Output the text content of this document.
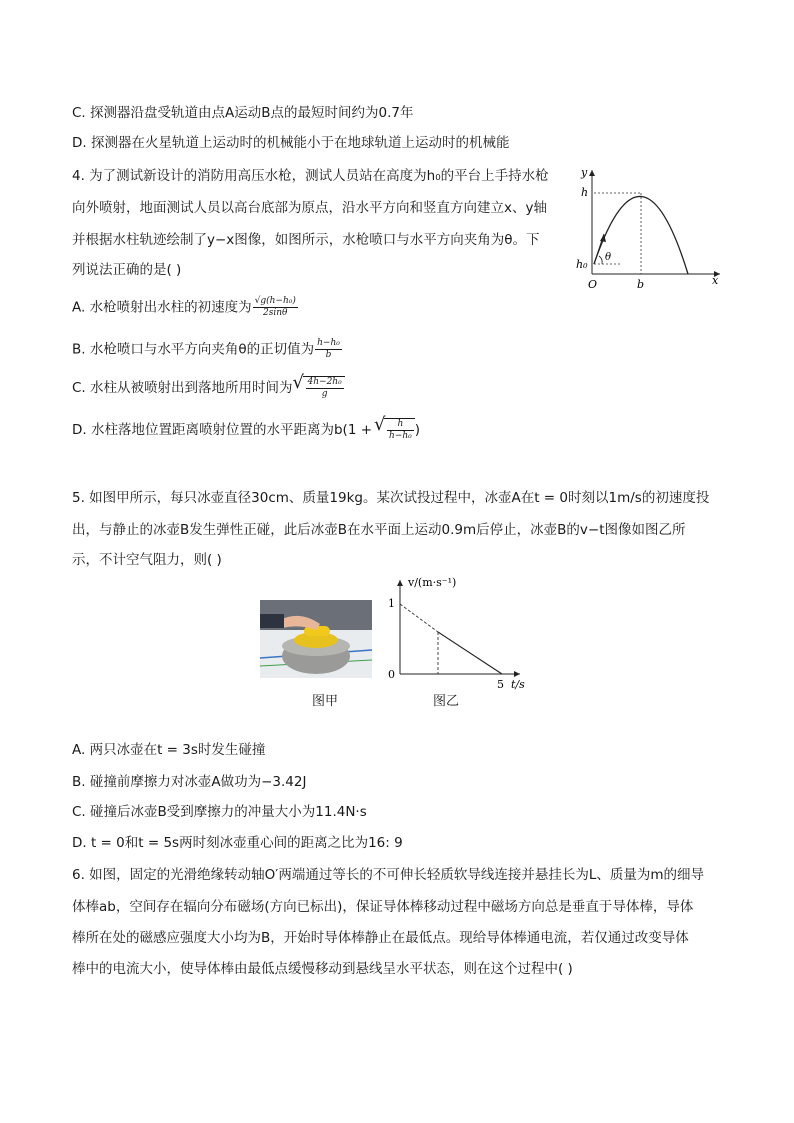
C. 探测器沿盘受轨道由点A运动B点的最短时间约为0.7年
D. 探测器在火星轨道上运动时的机械能小于在地球轨道上运动时的机械能
4. 为了测试新设计的消防用高压水枪，测试人员站在高度为h₀的平台上手持水枪
向外喷射，地面测试人员以高台底部为原点，沿水平方向和竖直方向建立x、y轴
并根据水柱轨迹绘制了y−x图像，如图所示，水枪喷口与水平方向夹角为θ。下
列说法正确的是( )
y
h
h₀
θ
O	b	x
A. 水枪喷射出水柱的初速度为 $\frac{\text{√g(h−h₀)}}{2\sin\theta}$
B. 水枪喷口与水平方向夹角θ的正切值为 $\frac{\text{h−h₀}}{b}$
C. 水柱从被喷射出到落地所用时间为 √ $\frac{\text{4h−2h₀}}{g}$
D. 水柱落地位置距离喷射位置的水平距离为b(1 + √ $\frac{h}{\text{h−h₀}}$ )
5. 如图甲所示，每只冰壶直径30cm、质量19kg。某次试投过程中，冰壶A在t = 0时刻以1m/s的初速度投
出，与静止的冰壶B发生弹性正碰，此后冰壶B在水平面上运动0.9m后停止，冰壶B的v−t图像如图乙所
示，不计空气阻力，则( )
v/(m·s⁻¹)
1
0
5 t/s
图甲	图乙
A. 两只冰壶在t = 3s时发生碰撞
B. 碰撞前摩擦力对冰壶A做功为−3.42J
C. 碰撞后冰壶B受到摩擦力的冲量大小为11.4N·s
D. t = 0和t = 5s两时刻冰壶重心间的距离之比为16: 9
6. 如图，固定的光滑绝缘转动轴O′两端通过等长的不可伸长轻质软导线连接并悬挂长为L、质量为m的细导
体棒ab，空间存在辐向分布磁场(方向已标出)，保证导体棒移动过程中磁场方向总是垂直于导体棒，导体
棒所在处的磁感应强度大小均为B，开始时导体棒静止在最低点。现给导体棒通电流，若仅通过改变导体
棒中的电流大小，使导体棒由最低点缓慢移动到悬线呈水平状态，则在这个过程中( )
